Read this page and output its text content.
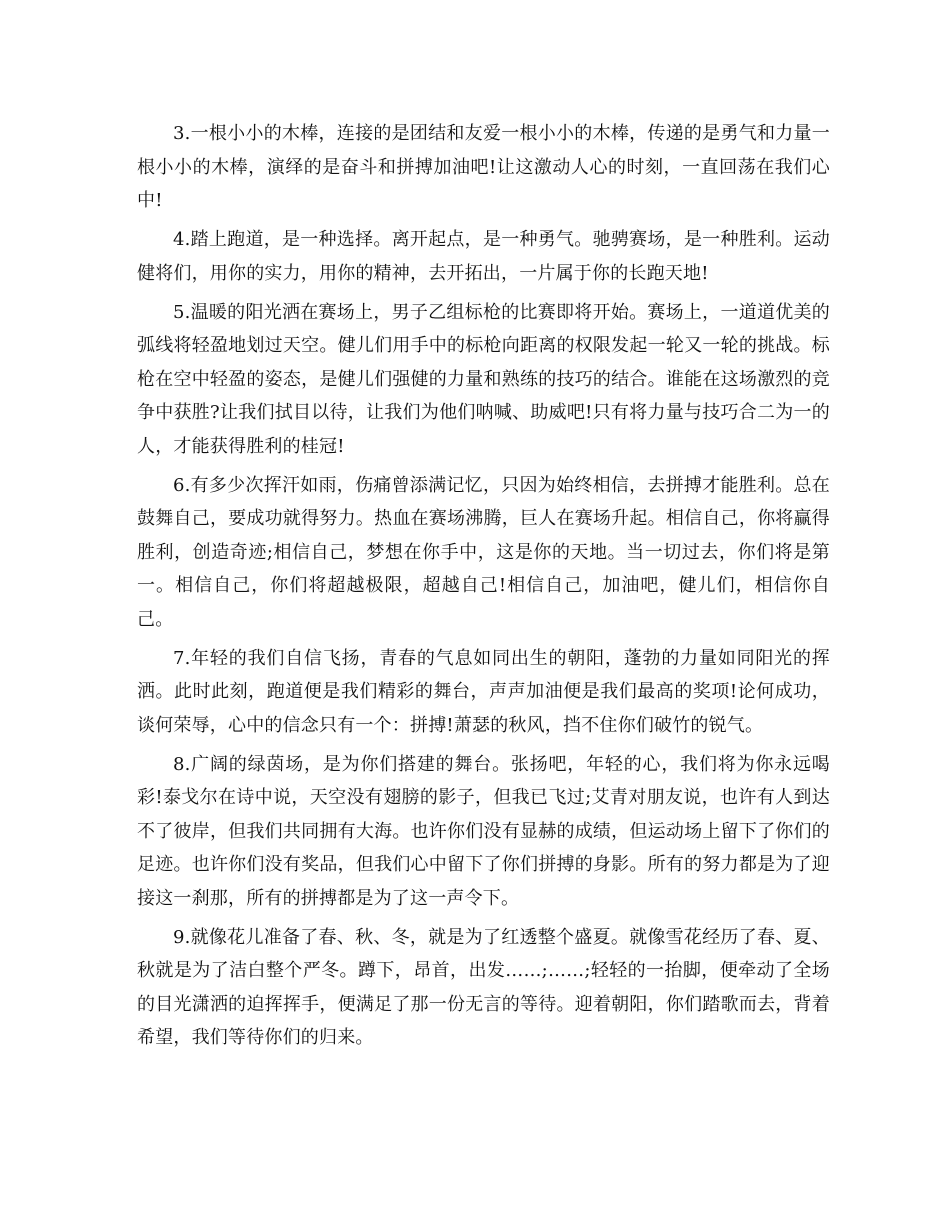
3.一根小小的木棒，连接的是团结和友爱一根小小的木棒，传递的是勇气和力量一根小小的木棒，演绎的是奋斗和拼搏加油吧!让这激动人心的时刻，一直回荡在我们心中!

4.踏上跑道，是一种选择。离开起点，是一种勇气。驰骋赛场，是一种胜利。运动健将们，用你的实力，用你的精神，去开拓出，一片属于你的长跑天地!

5.温暖的阳光洒在赛场上，男子乙组标枪的比赛即将开始。赛场上，一道道优美的弧线将轻盈地划过天空。健儿们用手中的标枪向距离的权限发起一轮又一轮的挑战。标枪在空中轻盈的姿态，是健儿们强健的力量和熟练的技巧的结合。谁能在这场激烈的竞争中获胜?让我们拭目以待，让我们为他们呐喊、助威吧!只有将力量与技巧合二为一的人，才能获得胜利的桂冠!

6.有多少次挥汗如雨，伤痛曾添满记忆，只因为始终相信，去拼搏才能胜利。总在鼓舞自己，要成功就得努力。热血在赛场沸腾，巨人在赛场升起。相信自己，你将赢得胜利，创造奇迹;相信自己，梦想在你手中，这是你的天地。当一切过去，你们将是第一。相信自己，你们将超越极限，超越自己!相信自己，加油吧，健儿们，相信你自己。

7.年轻的我们自信飞扬，青春的气息如同出生的朝阳，蓬勃的力量如同阳光的挥洒。此时此刻，跑道便是我们精彩的舞台，声声加油便是我们最高的奖项!论何成功，谈何荣辱，心中的信念只有一个：拼搏!萧瑟的秋风，挡不住你们破竹的锐气。

8.广阔的绿茵场，是为你们搭建的舞台。张扬吧，年轻的心，我们将为你永远喝彩!泰戈尔在诗中说，天空没有翅膀的影子，但我已飞过;艾青对朋友说，也许有人到达不了彼岸，但我们共同拥有大海。也许你们没有显赫的成绩，但运动场上留下了你们的足迹。也许你们没有奖品，但我们心中留下了你们拼搏的身影。所有的努力都是为了迎接这一刹那，所有的拼搏都是为了这一声令下。

9.就像花儿准备了春、秋、冬，就是为了红透整个盛夏。就像雪花经历了春、夏、秋就是为了洁白整个严冬。蹲下，昂首，出发……;……;轻轻的一抬脚，便牵动了全场的目光潇洒的迫挥挥手，便满足了那一份无言的等待。迎着朝阳，你们踏歌而去，背着希望，我们等待你们的归来。
